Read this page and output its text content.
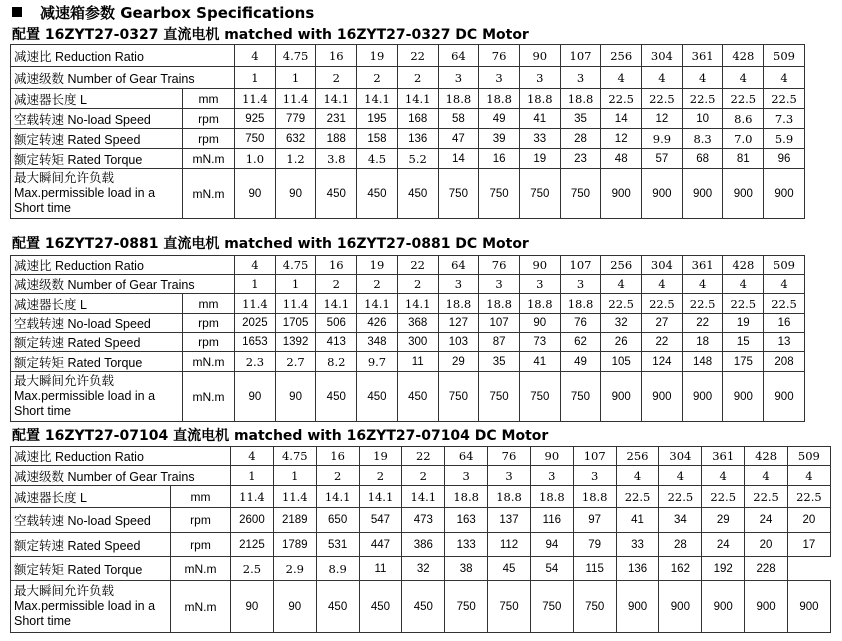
减速箱参数 Gearbox Specifications
配置 16ZYT27-0327 直流电机 matched with 16ZYT27-0327 DC Motor
减速比 Reduction Ratio		4	4.75	16	19	22	64	76	90	107	256	304	361	428	509
减速级数 Number of Gear Trains		1	1	2	2	2	3	3	3	3	4	4	4	4	4
减速器长度 L	mm	11.4	11.4	14.1	14.1	14.1	18.8	18.8	18.8	18.8	22.5	22.5	22.5	22.5	22.5
空载转速 No-load Speed	rpm	925	779	231	195	168	58	49	41	35	14	12	10	8.6	7.3
额定转速 Rated Speed	rpm	750	632	188	158	136	47	39	33	28	12	9.9	8.3	7.0	5.9
额定转矩 Rated Torque	mN.m	1.0	1.2	3.8	4.5	5.2	14	16	19	23	48	57	68	81	96

最大瞬间允许负载 Max.permissible load in a Short time	mN.m	90	90	450	450	450	750	750	750	750	900	900	900	900	900
配置 16ZYT27-0881 直流电机 matched with 16ZYT27-0881 DC Motor
减速比 Reduction Ratio		4	4.75	16	19	22	64	76	90	107	256	304	361	428	509
减速级数 Number of Gear Trains		1	1	2	2	2	3	3	3	3	4	4	4	4	4
减速器长度 L	mm	11.4	11.4	14.1	14.1	14.1	18.8	18.8	18.8	18.8	22.5	22.5	22.5	22.5	22.5
空载转速 No-load Speed	rpm	2025	1705	506	426	368	127	107	90	76	32	27	22	19	16
额定转速 Rated Speed	rpm	1653	1392	413	348	300	103	87	73	62	26	22	18	15	13
额定转矩 Rated Torque	mN.m	2.3	2.7	8.2	9.7	11	29	35	41	49	105	124	148	175	208

最大瞬间允许负载 Max.permissible load in a Short time	mN.m	90	90	450	450	450	750	750	750	750	900	900	900	900	900
配置 16ZYT27-07104 直流电机 matched with 16ZYT27-07104 DC Motor
减速比 Reduction Ratio		4	4.75	16	19	22	64	76	90	107	256	304	361	428	509
减速级数 Number of Gear Trains		1	1	2	2	2	3	3	3	3	4	4	4	4	4
减速器长度 L	mm	11.4	11.4	14.1	14.1	14.1	18.8	18.8	18.8	18.8	22.5	22.5	22.5	22.5	22.5
空载转速 No-load Speed	rpm	2600	2189	650	547	473	163	137	116	97	41	34	29	24	20
额定转速 Rated Speed	rpm	2125	1789	531	447	386	133	112	94	79	33	28	24	20	17
额定转矩 Rated Torque	mN.m	2.5	2.9	8.9	11	32	38	45	54	115	136	162	192	228	

最大瞬间允许负载 Max.permissible load in a Short time	mN.m	90	90	450	450	450	750	750	750	750	900	900	900	900	900
